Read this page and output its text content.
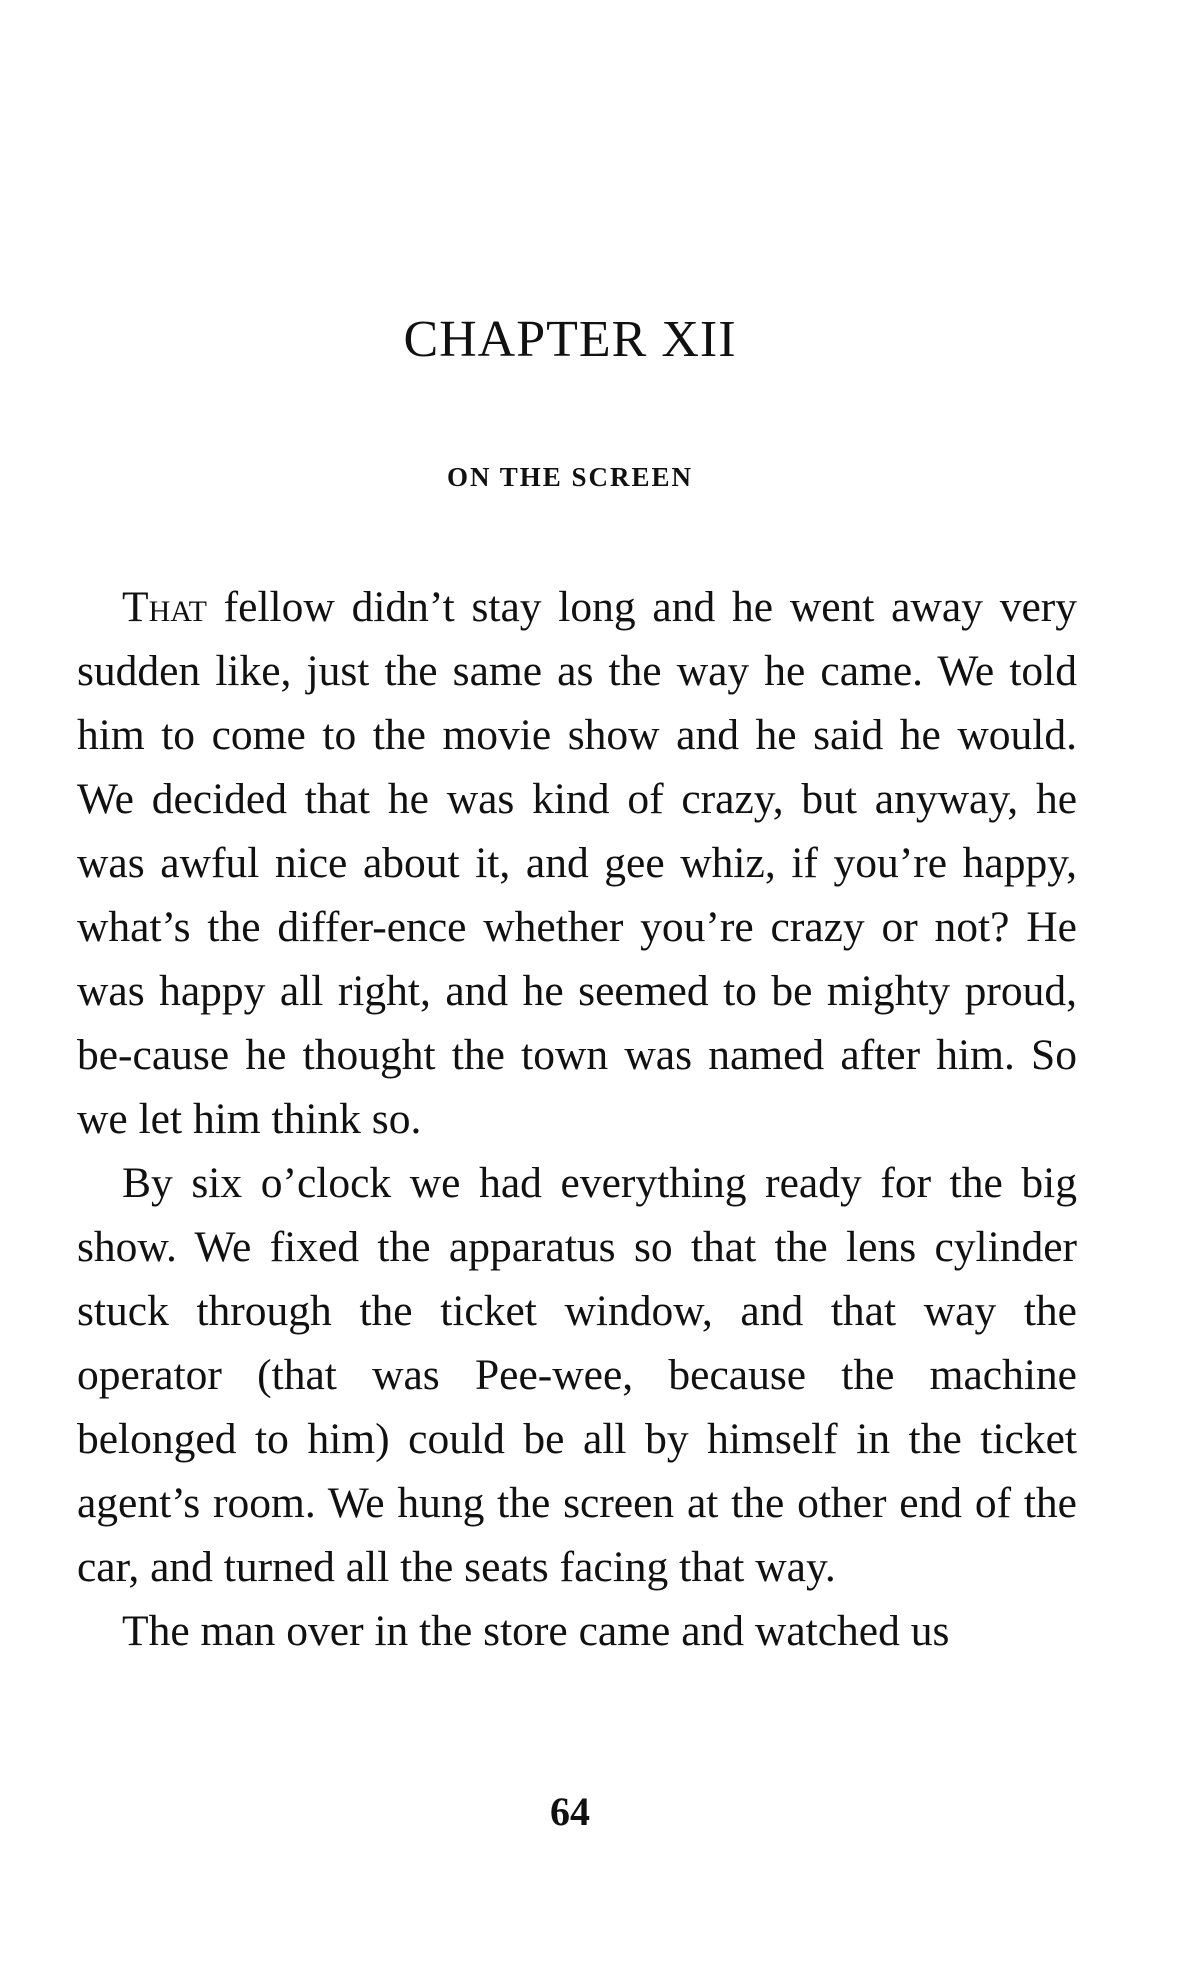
CHAPTER XII
ON THE SCREEN

That fellow didn’t stay long and he went away very sudden like, just the same as the way he came. We told him to come to the movie show and he said he would. We decided that he was kind of crazy, but anyway, he was awful nice about it, and gee whiz, if you’re happy, what’s the differ-ence whether you’re crazy or not? He was happy all right, and he seemed to be mighty proud, be-cause he thought the town was named after him. So we let him think so.

By six o’clock we had everything ready for the big show. We fixed the apparatus so that the lens cylinder stuck through the ticket window, and that way the operator (that was Pee-wee, because the machine belonged to him) could be all by himself in the ticket agent’s room. We hung the screen at the other end of the car, and turned all the seats facing that way.

The man over in the store came and watched us

64
